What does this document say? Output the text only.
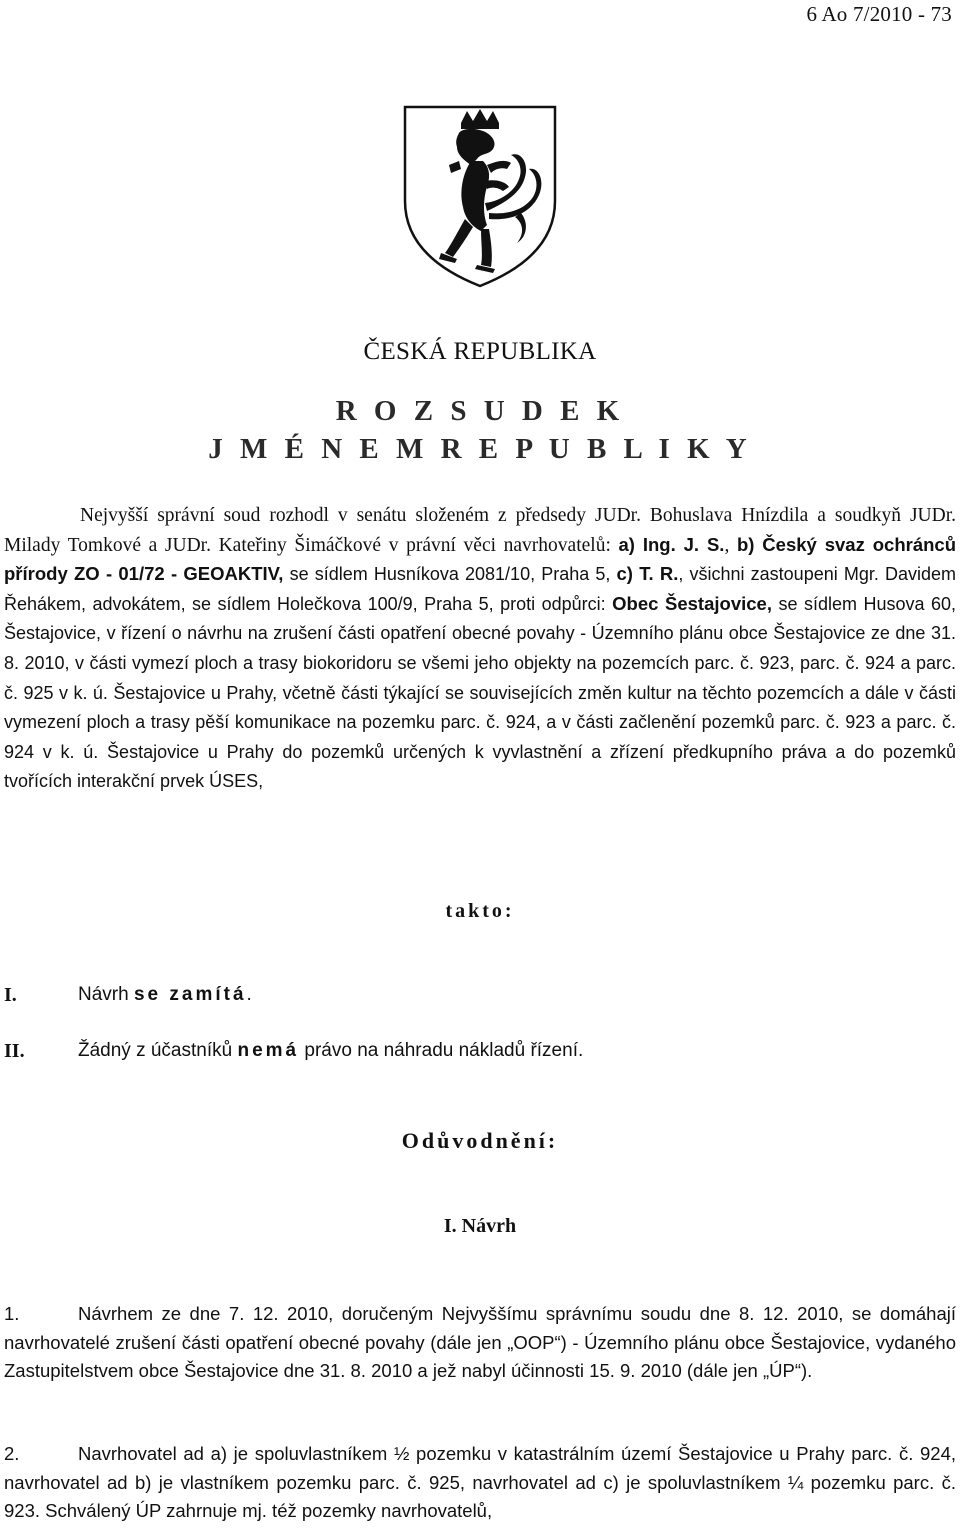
6 Ao 7/2010 - 73
ČESKÁ REPUBLIKA
R O Z S U D E K
J M É N E M R E P U B L I K Y
Nejvyšší správní soud rozhodl v senátu složeném z předsedy JUDr. Bohuslava Hnízdila a soudkyň JUDr. Milady Tomkové a JUDr. Kateřiny Šimáčkové v právní věci navrhovatelů: a) Ing. J. S., b) Český svaz ochránců přírody ZO - 01/72 - GEOAKTIV, se sídlem Husníkova 2081/10, Praha 5, c) T. R., všichni zastoupeni Mgr. Davidem Řehákem, advokátem, se sídlem Holečkova 100/9, Praha 5, proti odpůrci: Obec Šestajovice, se sídlem Husova 60, Šestajovice, v řízení o návrhu na zrušení části opatření obecné povahy - Územního plánu obce Šestajovice ze dne 31. 8. 2010, v části vymezí ploch a trasy biokoridoru se všemi jeho objekty na pozemcích parc. č. 923, parc. č. 924 a parc. č. 925 v k. ú. Šestajovice u Prahy, včetně části týkající se souvisejících změn kultur na těchto pozemcích a dále v části vymezení ploch a trasy pěší komunikace na pozemku parc. č. 924, a v části začlenění pozemků parc. č. 923 a parc. č. 924 v k. ú. Šestajovice u Prahy do pozemků určených k vyvlastnění a zřízení předkupního práva a do pozemků tvořících interakční prvek ÚSES,
takto:
I.	Návrh se zamítá.
II.	Žádný z účastníků nemá právo na náhradu nákladů řízení.
Odůvodnění:
I. Návrh
1.	Návrhem ze dne 7. 12. 2010, doručeným Nejvyššímu správnímu soudu dne 8. 12. 2010, se domáhají navrhovatelé zrušení části opatření obecné povahy (dále jen „OOP“) - Územního plánu obce Šestajovice, vydaného Zastupitelstvem obce Šestajovice dne 31. 8. 2010 a jež nabyl účinnosti 15. 9. 2010 (dále jen „ÚP“).
2.	Navrhovatel ad a) je spoluvlastníkem ½ pozemku v katastrálním území Šestajovice u Prahy parc. č. 924, navrhovatel ad b) je vlastníkem pozemku parc. č. 925, navrhovatel ad c) je spoluvlastníkem ¼ pozemku parc. č. 923. Schválený ÚP zahrnuje mj. též pozemky navrhovatelů,
